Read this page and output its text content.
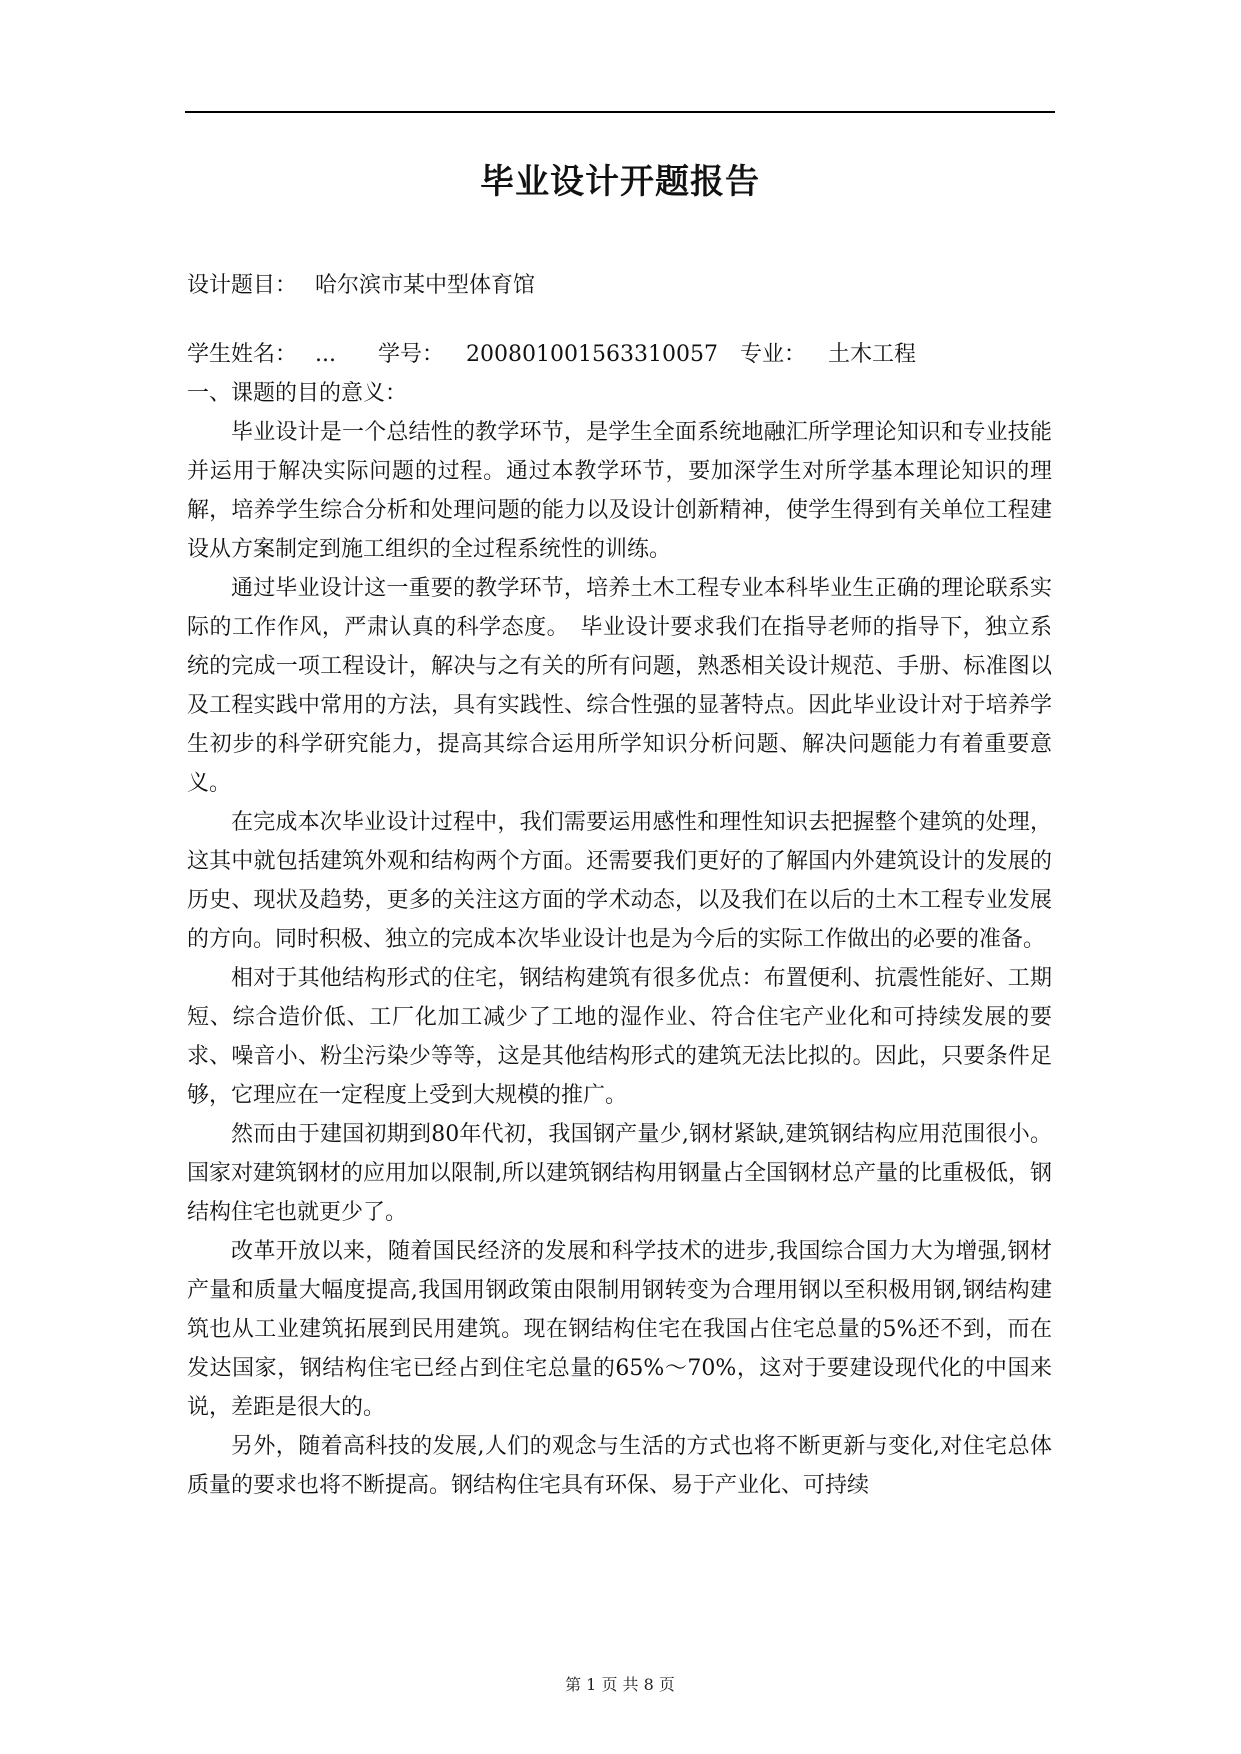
毕业设计开题报告
设计题目： 哈尔滨市某中型体育馆
学生姓名： ... 学号： 200801001563310057 专业： 土木工程
一、课题的目的意义：

毕业设计是一个总结性的教学环节，是学生全面系统地融汇所学理论知识和专业技能并运用于解决实际问题的过程。通过本教学环节，要加深学生对所学基本理论知识的理解，培养学生综合分析和处理问题的能力以及设计创新精神，使学生得到有关单位工程建设从方案制定到施工组织的全过程系统性的训练。

通过毕业设计这一重要的教学环节，培养土木工程专业本科毕业生正确的理论联系实际的工作作风，严肃认真的科学态度。　毕业设计要求我们在指导老师的指导下，独立系统的完成一项工程设计，解决与之有关的所有问题，熟悉相关设计规范、手册、标准图以及工程实践中常用的方法，具有实践性、综合性强的显著特点。因此毕业设计对于培养学生初步的科学研究能力，提高其综合运用所学知识分析问题、解决问题能力有着重要意义。

在完成本次毕业设计过程中，我们需要运用感性和理性知识去把握整个建筑的处理，这其中就包括建筑外观和结构两个方面。还需要我们更好的了解国内外建筑设计的发展的历史、现状及趋势，更多的关注这方面的学术动态，以及我们在以后的土木工程专业发展的方向。同时积极、独立的完成本次毕业设计也是为今后的实际工作做出的必要的准备。

相对于其他结构形式的住宅，钢结构建筑有很多优点：布置便利、抗震性能好、工期短、综合造价低、工厂化加工减少了工地的湿作业、符合住宅产业化和可持续发展的要求、噪音小、粉尘污染少等等，这是其他结构形式的建筑无法比拟的。因此，只要条件足够，它理应在一定程度上受到大规模的推广。

然而由于建国初期到80年代初，我国钢产量少,钢材紧缺,建筑钢结构应用范围很小。国家对建筑钢材的应用加以限制,所以建筑钢结构用钢量占全国钢材总产量的比重极低，钢结构住宅也就更少了。

改革开放以来，随着国民经济的发展和科学技术的进步,我国综合国力大为增强,钢材产量和质量大幅度提高,我国用钢政策由限制用钢转变为合理用钢以至积极用钢,钢结构建筑也从工业建筑拓展到民用建筑。现在钢结构住宅在我国占住宅总量的5%还不到，而在发达国家，钢结构住宅已经占到住宅总量的65%～70%，这对于要建设现代化的中国来说，差距是很大的。

另外，随着高科技的发展,人们的观念与生活的方式也将不断更新与变化,对住宅总体质量的要求也将不断提高。钢结构住宅具有环保、易于产业化、可持续

第 1 页 共 8 页
